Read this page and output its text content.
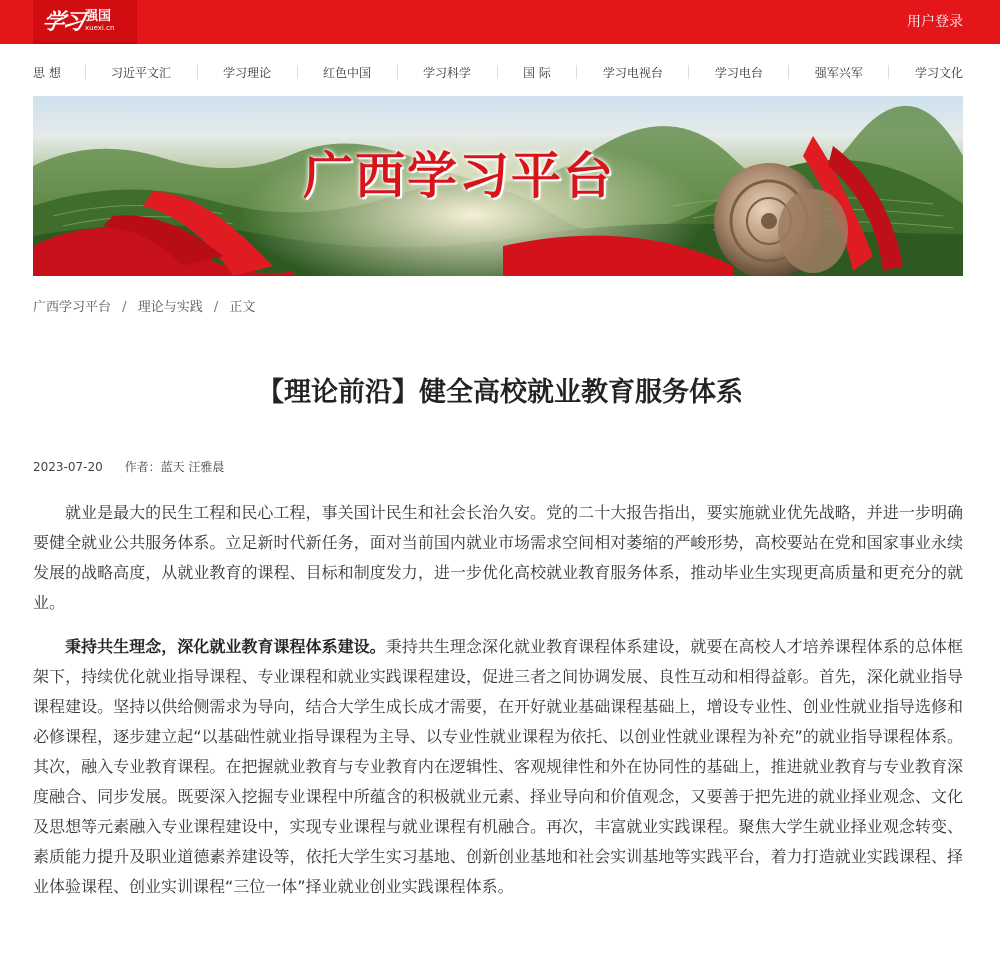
学习 强国
xuexi.cn	用户登录
思 想	习近平文汇	学习理论	红色中国	学习科学	国 际	学习电视台	学习电台	强军兴军	学习文化
广西学习平台
广西学习平台 / 理论与实践 / 正文
【理论前沿】健全高校就业教育服务体系
2023-07-20 作者：蓝天 汪雅晨

就业是最大的民生工程和民心工程，事关国计民生和社会长治久安。党的二十大报告指出，要实施就业优先战略，并进一步明确要健全就业公共服务体系。立足新时代新任务，面对当前国内就业市场需求空间相对萎缩的严峻形势，高校要站在党和国家事业永续发展的战略高度，从就业教育的课程、目标和制度发力，进一步优化高校就业教育服务体系，推动毕业生实现更高质量和更充分的就业。

秉持共生理念，深化就业教育课程体系建设。秉持共生理念深化就业教育课程体系建设，就要在高校人才培养课程体系的总体框架下，持续优化就业指导课程、专业课程和就业实践课程建设，促进三者之间协调发展、良性互动和相得益彰。首先，深化就业指导课程建设。坚持以供给侧需求为导向，结合大学生成长成才需要，在开好就业基础课程基础上，增设专业性、创业性就业指导选修和必修课程，逐步建立起“以基础性就业指导课程为主导、以专业性就业课程为依托、以创业性就业课程为补充”的就业指导课程体系。其次，融入专业教育课程。在把握就业教育与专业教育内在逻辑性、客观规律性和外在协同性的基础上，推进就业教育与专业教育深度融合、同步发展。既要深入挖掘专业课程中所蕴含的积极就业元素、择业导向和价值观念，又要善于把先进的就业择业观念、文化及思想等元素融入专业课程建设中，实现专业课程与就业课程有机融合。再次，丰富就业实践课程。聚焦大学生就业择业观念转变、素质能力提升及职业道德素养建设等，依托大学生实习基地、创新创业基地和社会实训基地等实践平台，着力打造就业实践课程、择业体验课程、创业实训课程“三位一体”择业就业创业实践课程体系。
